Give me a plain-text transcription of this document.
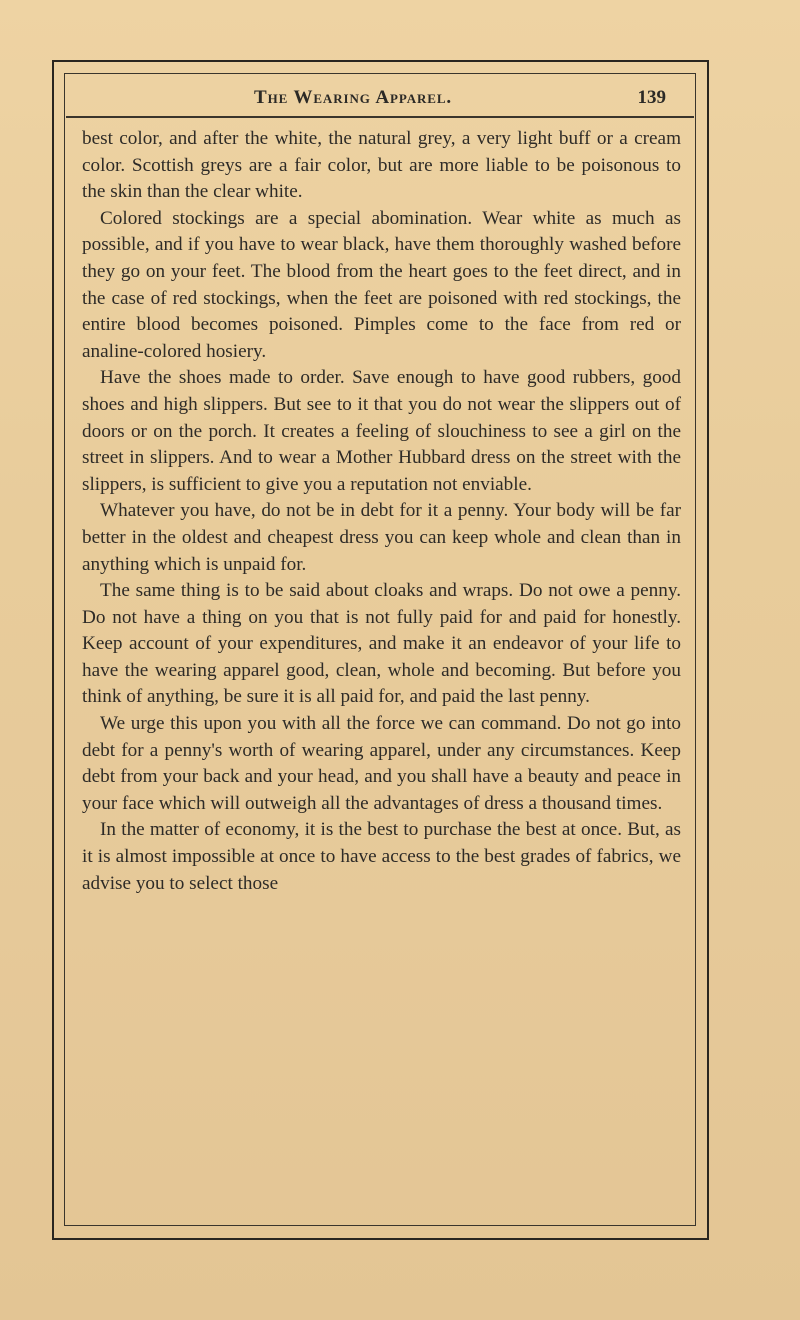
The Wearing Apparel.	139

best color, and after the white, the natural grey, a very light buff or a cream color. Scottish greys are a fair color, but are more liable to be poisonous to the skin than the clear white.

Colored stockings are a special abomination. Wear white as much as possible, and if you have to wear black, have them thoroughly washed before they go on your feet. The blood from the heart goes to the feet direct, and in the case of red stockings, when the feet are poisoned with red stockings, the entire blood becomes poisoned. Pimples come to the face from red or analine-colored hosiery.

Have the shoes made to order. Save enough to have good rubbers, good shoes and high slippers. But see to it that you do not wear the slippers out of doors or on the porch. It creates a feeling of slouchiness to see a girl on the street in slippers. And to wear a Mother Hubbard dress on the street with the slippers, is sufficient to give you a reputation not enviable.

Whatever you have, do not be in debt for it a penny. Your body will be far better in the oldest and cheapest dress you can keep whole and clean than in anything which is unpaid for.

The same thing is to be said about cloaks and wraps. Do not owe a penny. Do not have a thing on you that is not fully paid for and paid for honestly. Keep account of your expenditures, and make it an endeavor of your life to have the wearing apparel good, clean, whole and becoming. But before you think of anything, be sure it is all paid for, and paid the last penny.

We urge this upon you with all the force we can command. Do not go into debt for a penny's worth of wearing apparel, under any circumstances. Keep debt from your back and your head, and you shall have a beauty and peace in your face which will outweigh all the advantages of dress a thousand times.

In the matter of economy, it is the best to purchase the best at once. But, as it is almost impossible at once to have access to the best grades of fabrics, we advise you to select those
